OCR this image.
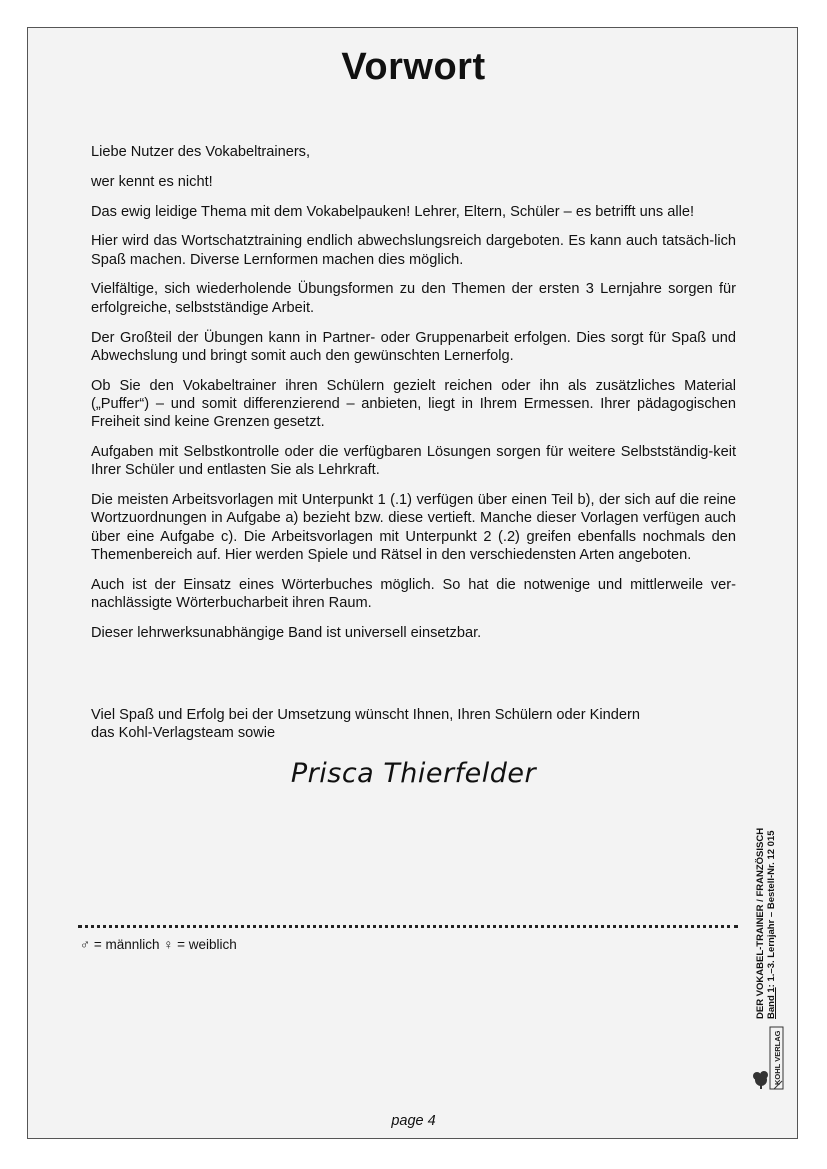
Vorwort

Liebe Nutzer des Vokabeltrainers,

wer kennt es nicht!

Das ewig leidige Thema mit dem Vokabelpauken! Lehrer, Eltern, Schüler – es betrifft uns alle!

Hier wird das Wortschatztraining endlich abwechslungsreich dargeboten. Es kann auch tatsäch-lich Spaß machen. Diverse Lernformen machen dies möglich.

Vielfältige, sich wiederholende Übungsformen zu den Themen der ersten 3 Lernjahre sorgen für erfolgreiche, selbstständige Arbeit.

Der Großteil der Übungen kann in Partner- oder Gruppenarbeit erfolgen. Dies sorgt für Spaß und Abwechslung und bringt somit auch den gewünschten Lernerfolg.

Ob Sie den Vokabeltrainer ihren Schülern gezielt reichen oder ihn als zusätzliches Material („Puffer“) – und somit differenzierend – anbieten, liegt in Ihrem Ermessen. Ihrer pädagogischen Freiheit sind keine Grenzen gesetzt.

Aufgaben mit Selbstkontrolle oder die verfügbaren Lösungen sorgen für weitere Selbstständig-keit Ihrer Schüler und entlasten Sie als Lehrkraft.

Die meisten Arbeitsvorlagen mit Unterpunkt 1 (.1) verfügen über einen Teil b), der sich auf die reine Wortzuordnungen in Aufgabe a) bezieht bzw. diese vertieft. Manche dieser Vorlagen verfügen auch über eine Aufgabe c). Die Arbeitsvorlagen mit Unterpunkt 2 (.2) greifen ebenfalls nochmals den Themenbereich auf. Hier werden Spiele und Rätsel in den verschiedensten Arten angeboten.

Auch ist der Einsatz eines Wörterbuches möglich. So hat die notwenige und mittlerweile ver-nachlässigte Wörterbucharbeit ihren Raum.

Dieser lehrwerksunabhängige Band ist universell einsetzbar.

Viel Spaß und Erfolg bei der Umsetzung wünscht Ihnen, Ihren Schülern oder Kindern
das Kohl-Verlagsteam sowie
Prisca Thierfelder
♂ = männlich ♀ = weiblich	DER VOKABEL-TRAINER / FRANZÖSISCH Band 1: 1.–3. Lernjahr – Bestell-Nr. 12 015
KOHL VERLAG
page 4
